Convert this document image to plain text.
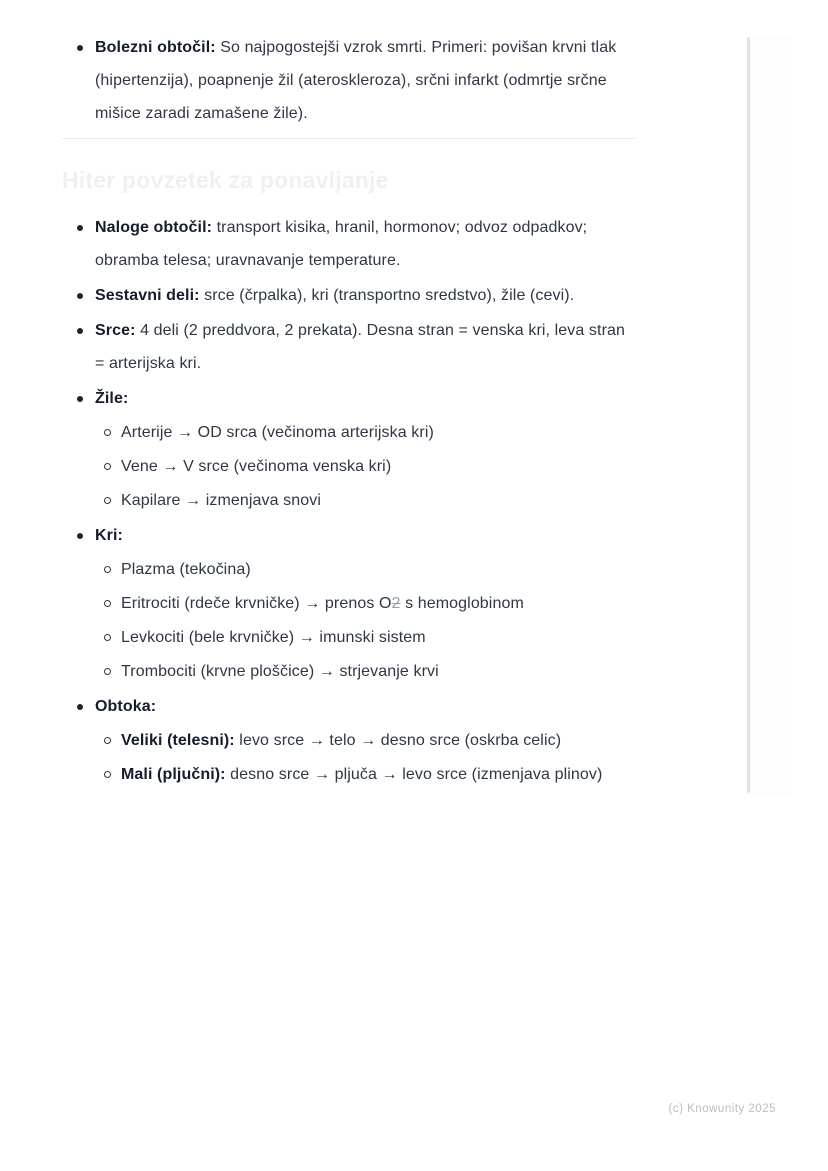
Bolezni obtočil: So najpogostejši vzrok smrti. Primeri: povišan krvni tlak (hipertenzija), poapnenje žil (ateroskleroza), srčni infarkt (odmrtje srčne mišice zaradi zamašene žile).
Hiter povzetek za ponavljanje
Naloge obtočil: transport kisika, hranil, hormonov; odvoz odpadkov; obramba telesa; uravnavanje temperature.
Sestavni deli: srce (črpalka), kri (transportno sredstvo), žile (cevi).
Srce: 4 deli (2 preddvora, 2 prekata). Desna stran = venska kri, leva stran = arterijska kri.
Žile:
Arterije → OD srca (večinoma arterijska kri)
Vene → V srce (večinoma venska kri)
Kapilare → izmenjava snovi
Kri:
Plazma (tekočina)
Eritrociti (rdeče krvničke) → prenos O2 s hemoglobinom
Levkociti (bele krvničke) → imunski sistem
Trombociti (krvne ploščice) → strjevanje krvi
Obtoka:
Veliki (telesni): levo srce → telo → desno srce (oskrba celic)
Mali (pljučni): desno srce → pljuča → levo srce (izmenjava plinov)
(c) Knowunity 2025
